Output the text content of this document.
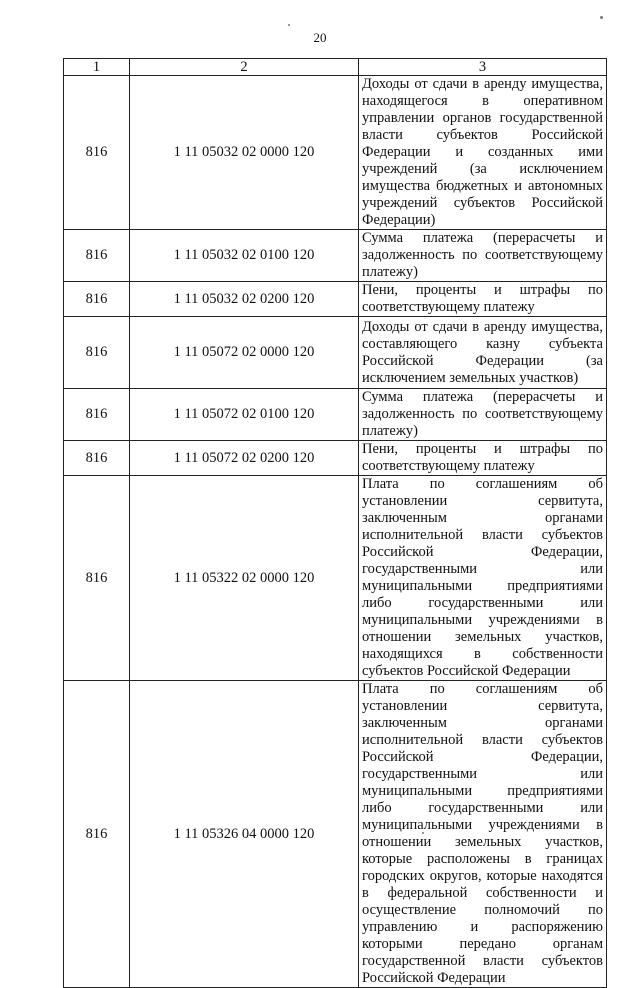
20
1	2	3
816	1 11 05032 02 0000 120	Доходы от сдачи в аренду имущества, находящегося в оперативном управлении органов государственной власти субъектов Российской Федерации и созданных ими учреждений (за исключением имущества бюджетных и автономных учреждений субъектов Российской Федерации)
816	1 11 05032 02 0100 120	Сумма платежа (перерасчеты и задолженность по соответствующему платежу)
816	1 11 05032 02 0200 120	Пени, проценты и штрафы по соответствующему платежу
816	1 11 05072 02 0000 120	Доходы от сдачи в аренду имущества, составляющего казну субъекта Российской Федерации (за исключением земельных участков)
816	1 11 05072 02 0100 120	Сумма платежа (перерасчеты и задолженность по соответствующему платежу)
816	1 11 05072 02 0200 120	Пени, проценты и штрафы по соответствующему платежу
816	1 11 05322 02 0000 120	Плата по соглашениям об установлении сервитута, заключенным органами исполнительной власти субъектов Российской Федерации, государственными или муниципальными предприятиями либо государственными или муниципальными учреждениями в отношении земельных участков, находящихся в собственности субъектов Российской Федерации
816	1 11 05326 04 0000 120	Плата по соглашениям об установлении сервитута, заключенным органами исполнительной власти субъектов Российской Федерации, государственными или муниципальными предприятиями либо государственными или муниципальными учреждениями в отношении земельных участков, которые расположены в границах городских округов, которые находятся в федеральной собственности и осуществление полномочий по управлению и распоряжению которыми передано органам государственной власти субъектов Российской Федерации
